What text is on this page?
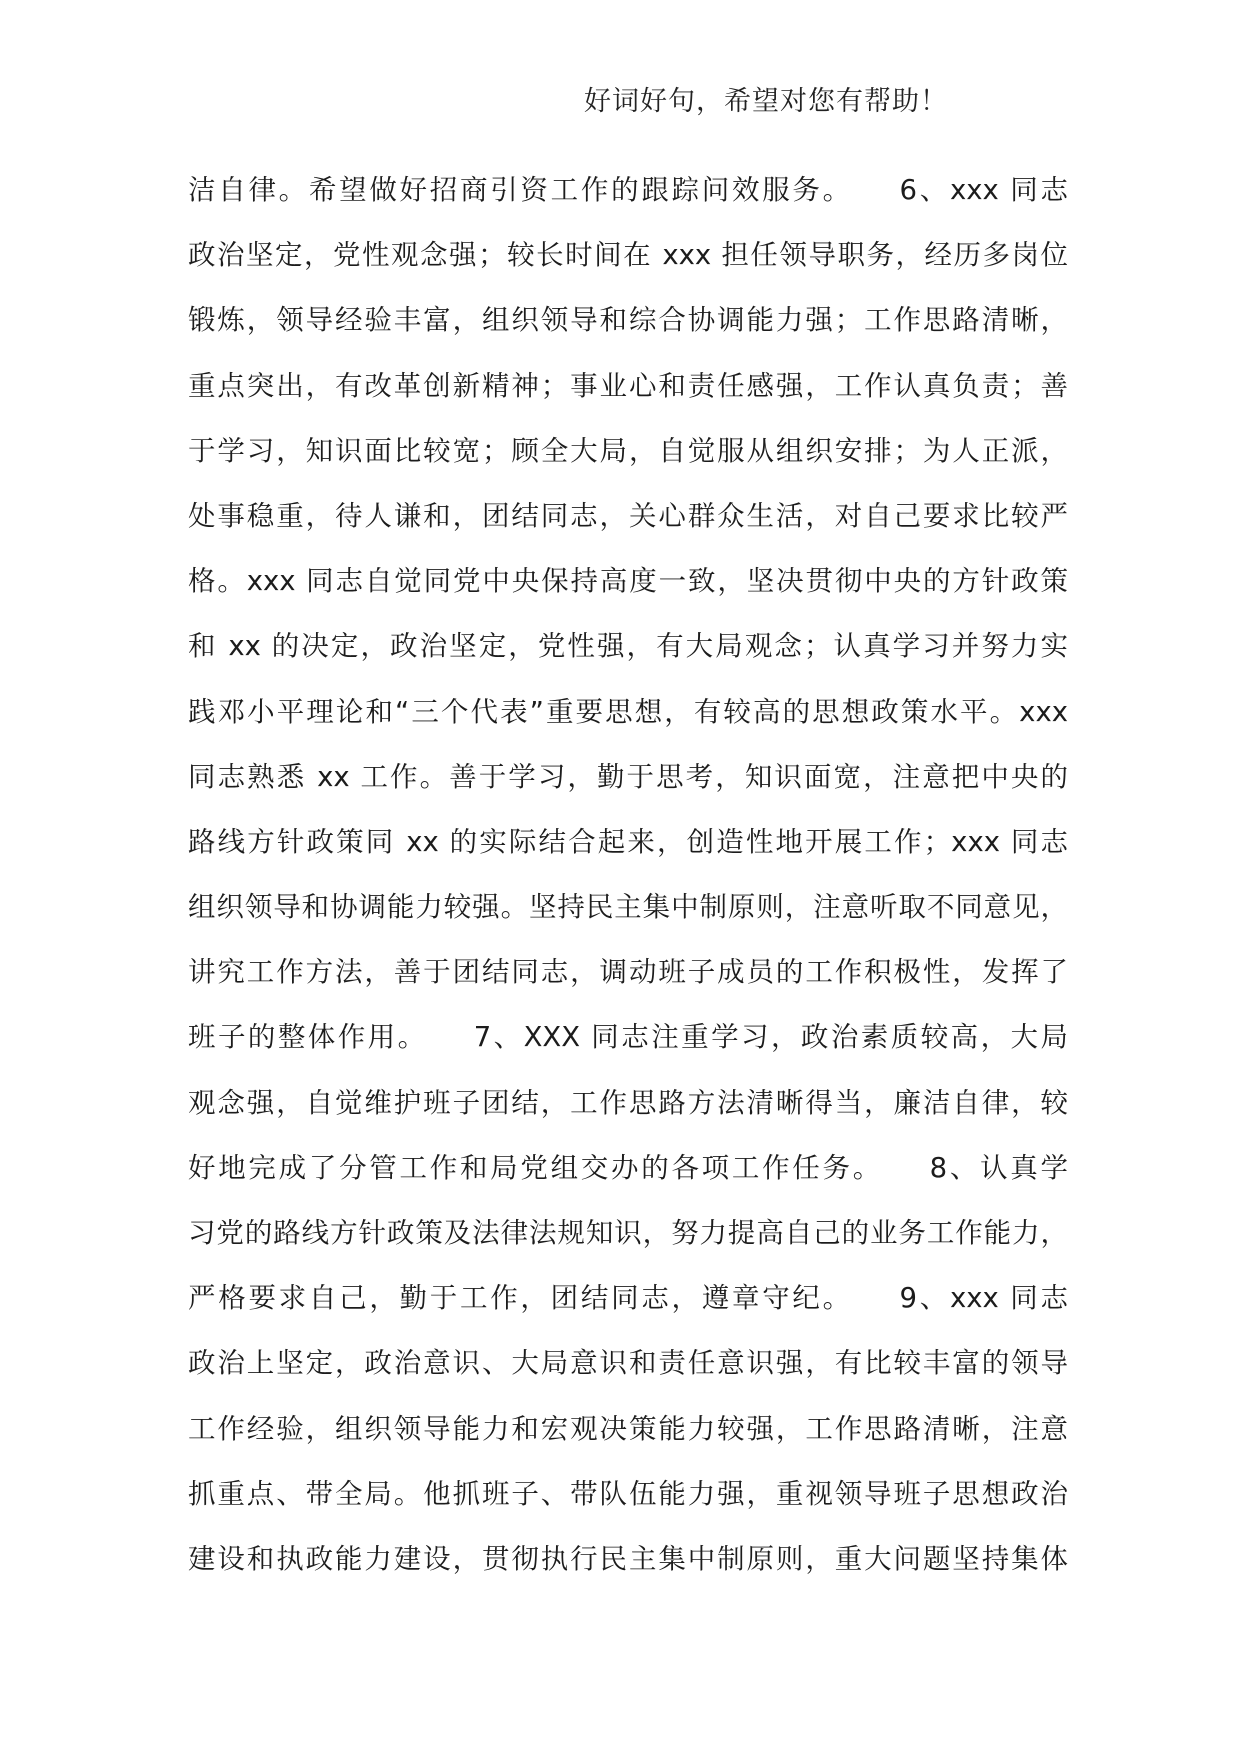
好词好句，希望对您有帮助！
洁自律。希望做好招商引资工作的跟踪问效服务。　　6、xxx 同志
政治坚定，党性观念强；较长时间在 xxx 担任领导职务，经历多岗位
锻炼，领导经验丰富，组织领导和综合协调能力强；工作思路清晰，
重点突出，有改革创新精神；事业心和责任感强，工作认真负责；善
于学习，知识面比较宽；顾全大局，自觉服从组织安排；为人正派，
处事稳重，待人谦和，团结同志，关心群众生活，对自己要求比较严
格。xxx 同志自觉同党中央保持高度一致，坚决贯彻中央的方针政策
和 xx 的决定，政治坚定，党性强，有大局观念；认真学习并努力实
践邓小平理论和“三个代表”重要思想，有较高的思想政策水平。xxx
同志熟悉 xx 工作。善于学习，勤于思考，知识面宽，注意把中央的
路线方针政策同 xx 的实际结合起来，创造性地开展工作；xxx 同志
组织领导和协调能力较强。坚持民主集中制原则，注意听取不同意见，
讲究工作方法，善于团结同志，调动班子成员的工作积极性，发挥了
班子的整体作用。　　7、XXX 同志注重学习，政治素质较高，大局
观念强，自觉维护班子团结，工作思路方法清晰得当，廉洁自律，较
好地完成了分管工作和局党组交办的各项工作任务。　　8、认真学
习党的路线方针政策及法律法规知识，努力提高自己的业务工作能力，
严格要求自己，勤于工作，团结同志，遵章守纪。　　9、xxx 同志
政治上坚定，政治意识、大局意识和责任意识强，有比较丰富的领导
工作经验，组织领导能力和宏观决策能力较强，工作思路清晰，注意
抓重点、带全局。他抓班子、带队伍能力强，重视领导班子思想政治
建设和执政能力建设，贯彻执行民主集中制原则，重大问题坚持集体
